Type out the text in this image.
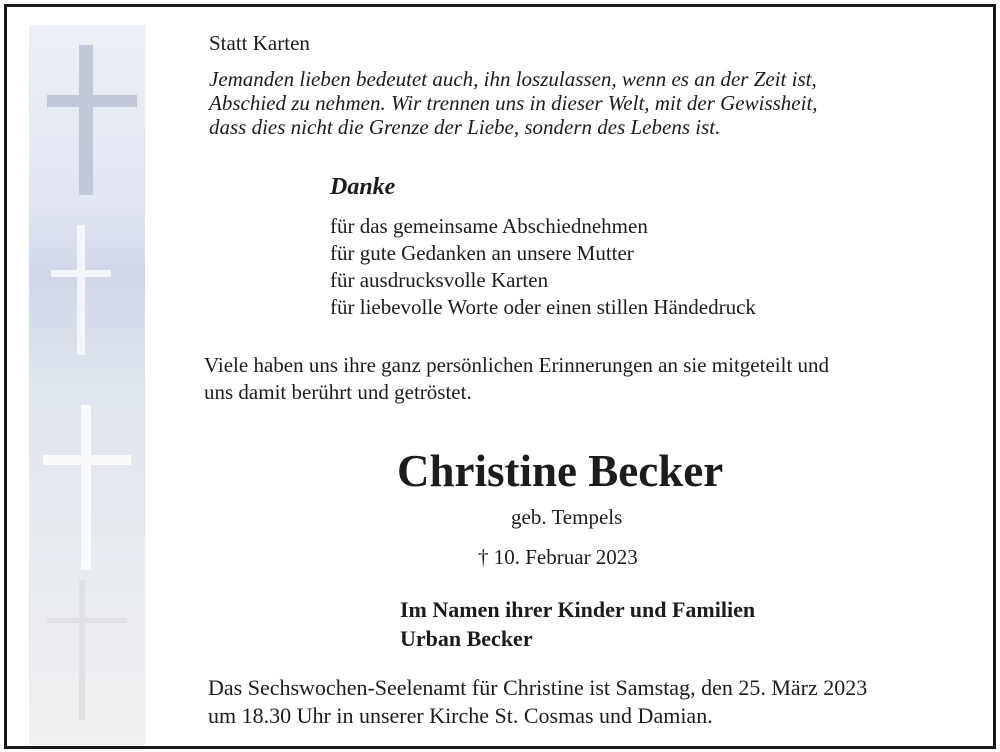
Statt Karten
Jemanden lieben bedeutet auch, ihn loszulassen, wenn es an der Zeit ist,
Abschied zu nehmen. Wir trennen uns in dieser Welt, mit der Gewissheit,
dass dies nicht die Grenze der Liebe, sondern des Lebens ist.
Danke
für das gemeinsame Abschiednehmen
für gute Gedanken an unsere Mutter
für ausdrucksvolle Karten
für liebevolle Worte oder einen stillen Händedruck
Viele haben uns ihre ganz persönlichen Erinnerungen an sie mitgeteilt und
uns damit berührt und getröstet.
Christine Becker
geb. Tempels
† 10. Februar 2023
Im Namen ihrer Kinder und Familien
Urban Becker
Das Sechswochen-Seelenamt für Christine ist Samstag, den 25. März 2023
um 18.30 Uhr in unserer Kirche St. Cosmas und Damian.
